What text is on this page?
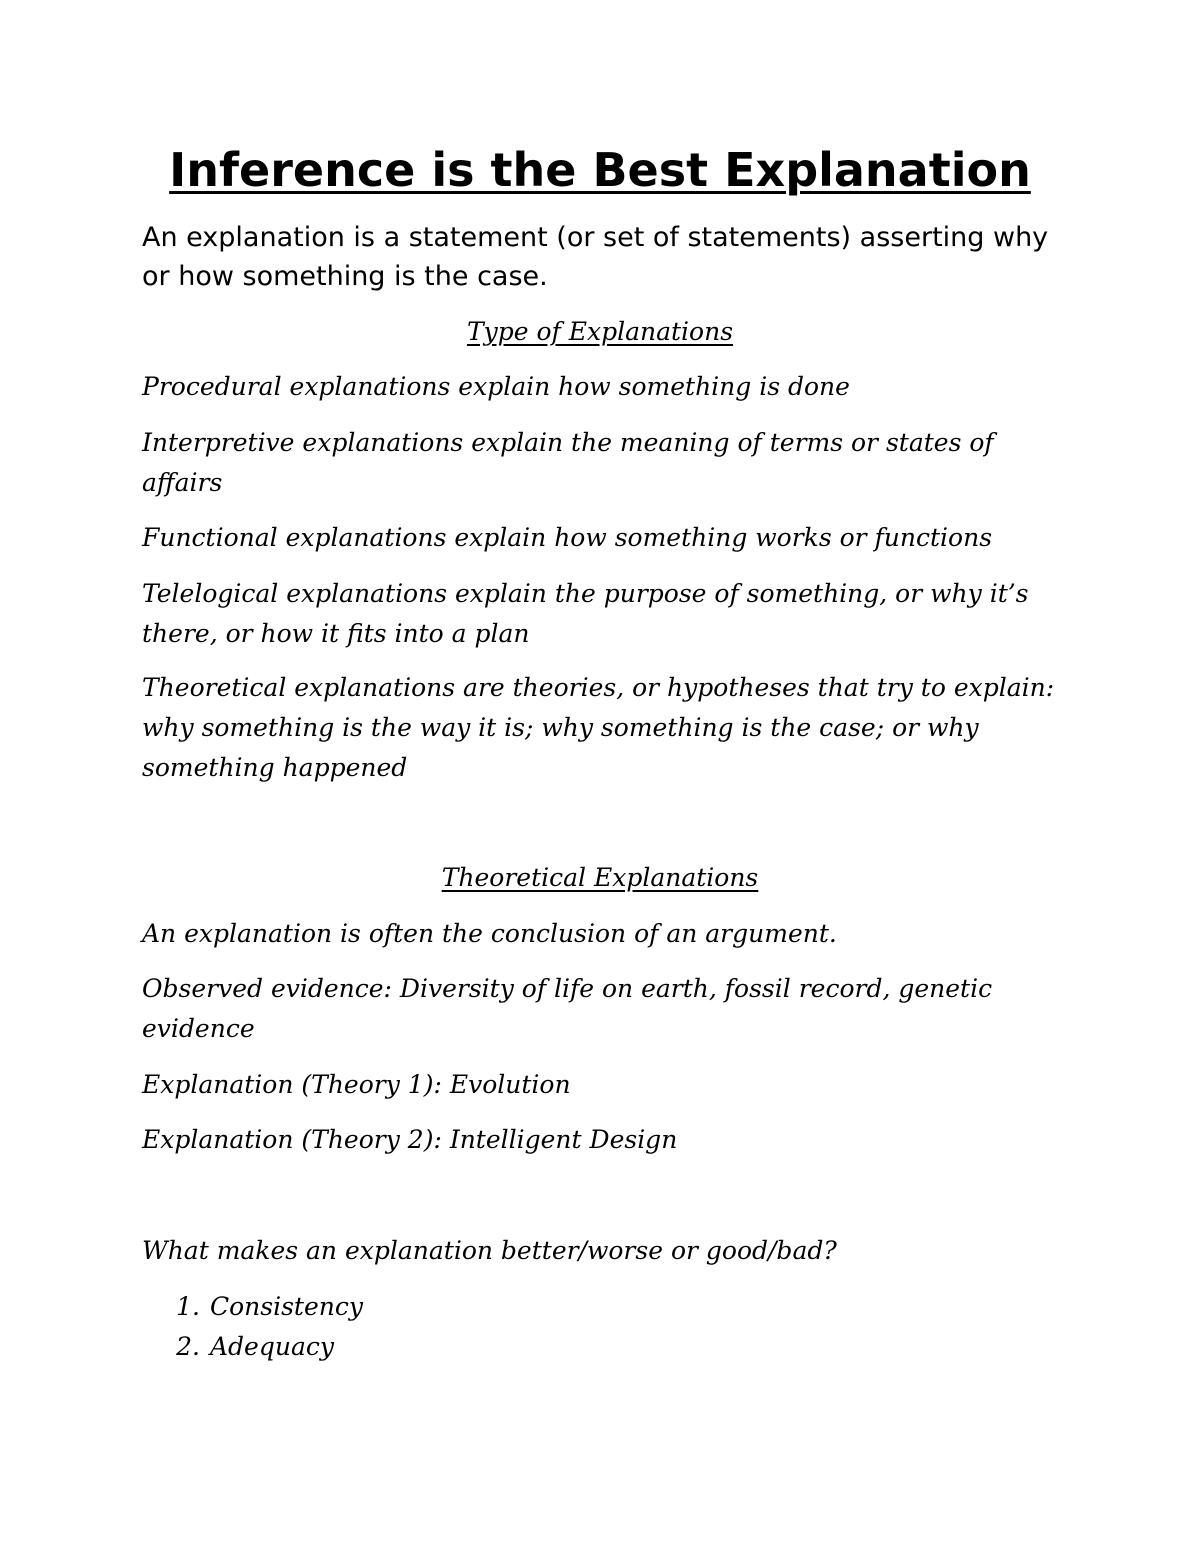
Inference is the Best Explanation

An explanation is a statement (or set of statements) asserting why or how something is the case.

Type of Explanations

Procedural explanations explain how something is done

Interpretive explanations explain the meaning of terms or states of affairs

Functional explanations explain how something works or functions

Telelogical explanations explain the purpose of something, or why it’s there, or how it fits into a plan

Theoretical explanations are theories, or hypotheses that try to explain: why something is the way it is; why something is the case; or why something happened

Theoretical Explanations

An explanation is often the conclusion of an argument.

Observed evidence: Diversity of life on earth, fossil record, genetic evidence

Explanation (Theory 1): Evolution

Explanation (Theory 2): Intelligent Design

What makes an explanation better/worse or good/bad?

1. Consistency
2. Adequacy
